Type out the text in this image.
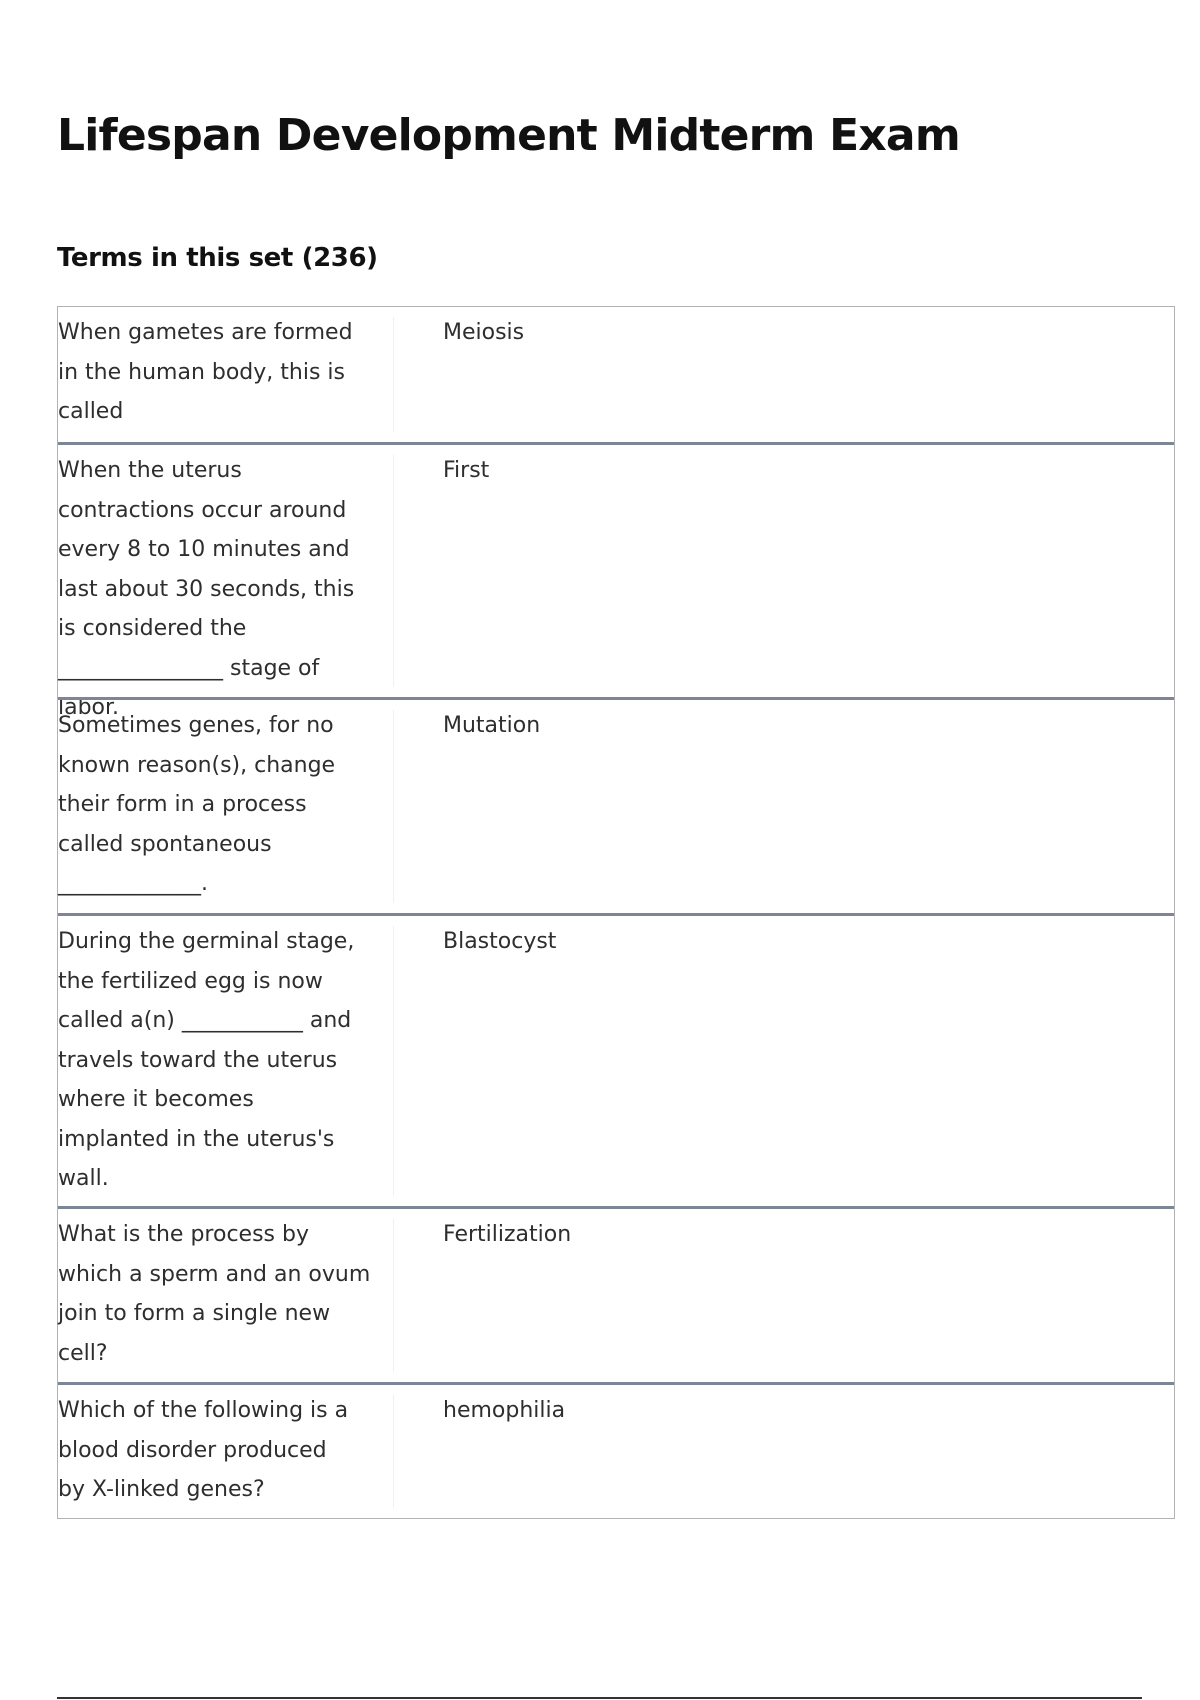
Lifespan Development Midterm Exam
Terms in this set (236)
When gametes are formed
in the human body, this is
called
Meiosis
When the uterus
contractions occur around
every 8 to 10 minutes and
last about 30 seconds, this
is considered the
_______________ stage of labor.
First
Sometimes genes, for no
known reason(s), change
their form in a process
called spontaneous
_____________.
Mutation
During the germinal stage,
the fertilized egg is now
called a(n) ___________ and
travels toward the uterus
where it becomes
implanted in the uterus's
wall.
Blastocyst
What is the process by
which a sperm and an ovum
join to form a single new
cell?
Fertilization
Which of the following is a
blood disorder produced
by X-linked genes?
hemophilia
